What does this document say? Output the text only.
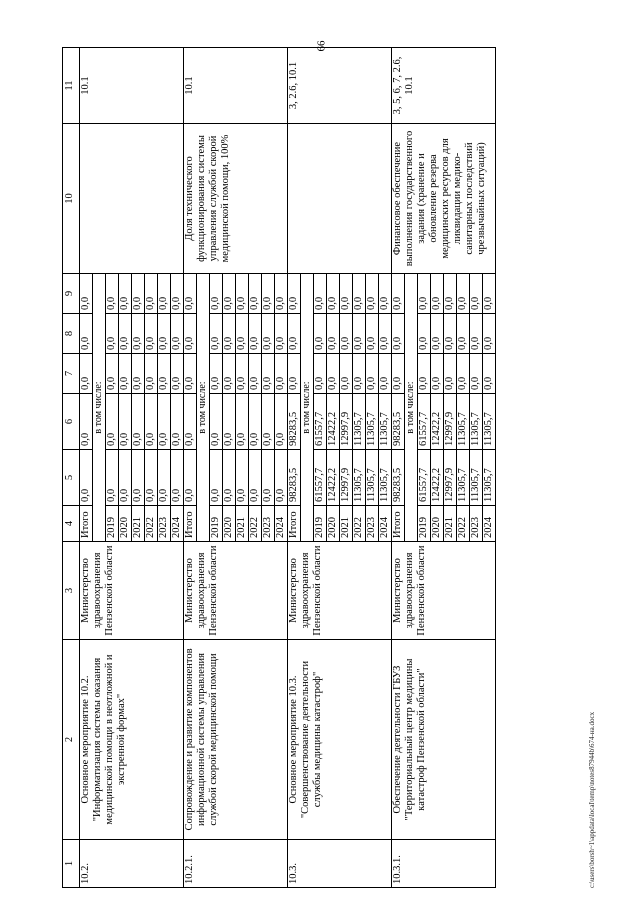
66
1	2	3	4	5	6	7	8	9	10	11
10.2.	Основное мероприятие 10.2. "Информатизация системы оказания медицинской помощи в неотложной и экстренной формах"	Министерство здравоохранения Пензенской области	Итого	0,0	0,0	0,0	0,0	0,0		10.1
			в том числе:							
			2019	0,0	0,0	0,0	0,0	0,0		
			2020	0,0	0,0	0,0	0,0	0,0		
			2021	0,0	0,0	0,0	0,0	0,0		
			2022	0,0	0,0	0,0	0,0	0,0		
			2023	0,0	0,0	0,0	0,0	0,0		
			2024	0,0	0,0	0,0	0,0	0,0		
10.2.1.	Сопровождение и развитие компонентов информационной системы управления службой скорой медицинской помощи	Министерство здравоохранения Пензенской области	Итого	0,0	0,0	0,0	0,0	0,0	Доля технического функционирования системы управления службой скорой медицинской помощи, 100%	10.1
			в том числе:							
			2019	0,0	0,0	0,0	0,0	0,0		
			2020	0,0	0,0	0,0	0,0	0,0		
			2021	0,0	0,0	0,0	0,0	0,0		
			2022	0,0	0,0	0,0	0,0	0,0		
			2023	0,0	0,0	0,0	0,0	0,0		
			2024	0,0	0,0	0,0	0,0	0,0		
10.3.	Основное мероприятие 10.3. "Совершенствование деятельности службы медицины катастроф"	Министерство здравоохранения Пензенской области	Итого	98283,5	98283,5	0,0	0,0	0,0		3, 2.6, 10.1
			в том числе:							
			2019	61557,7	61557,7	0,0	0,0	0,0		
			2020	12422,2	12422,2	0,0	0,0	0,0		
			2021	12997,9	12997,9	0,0	0,0	0,0		
			2022	11305,7	11305,7	0,0	0,0	0,0		
			2023	11305,7	11305,7	0,0	0,0	0,0		
			2024	11305,7	11305,7	0,0	0,0	0,0		
10.3.1.	Обеспечение деятельности ГБУЗ "Территориальный центр медицины катастроф Пензенской области"	Министерство здравоохранения Пензенской области	Итого	98283,5	98283,5	0,0	0,0	0,0	Финансовое обеспечение выполнения государственного задания (хранение и обновление резерва медицинских ресурсов для ликвидации медико-санитарных последствий чрезвычайных ситуаций)	3, 5, 6, 7, 2.6, 10.1
			в том числе:							
			2019	61557,7	61557,7	0,0	0,0	0,0		
			2020	12422,2	12422,2	0,0	0,0	0,0		
			2021	12997,9	12997,9	0,0	0,0	0,0		
			2022	11305,7	11305,7	0,0	0,0	0,0		
			2023	11305,7	11305,7	0,0	0,0	0,0		
			2024	11305,7	11305,7	0,0	0,0	0,0		
c:\users\borsh~1\appdata\local\temp\notes87944b\674-на.docx
